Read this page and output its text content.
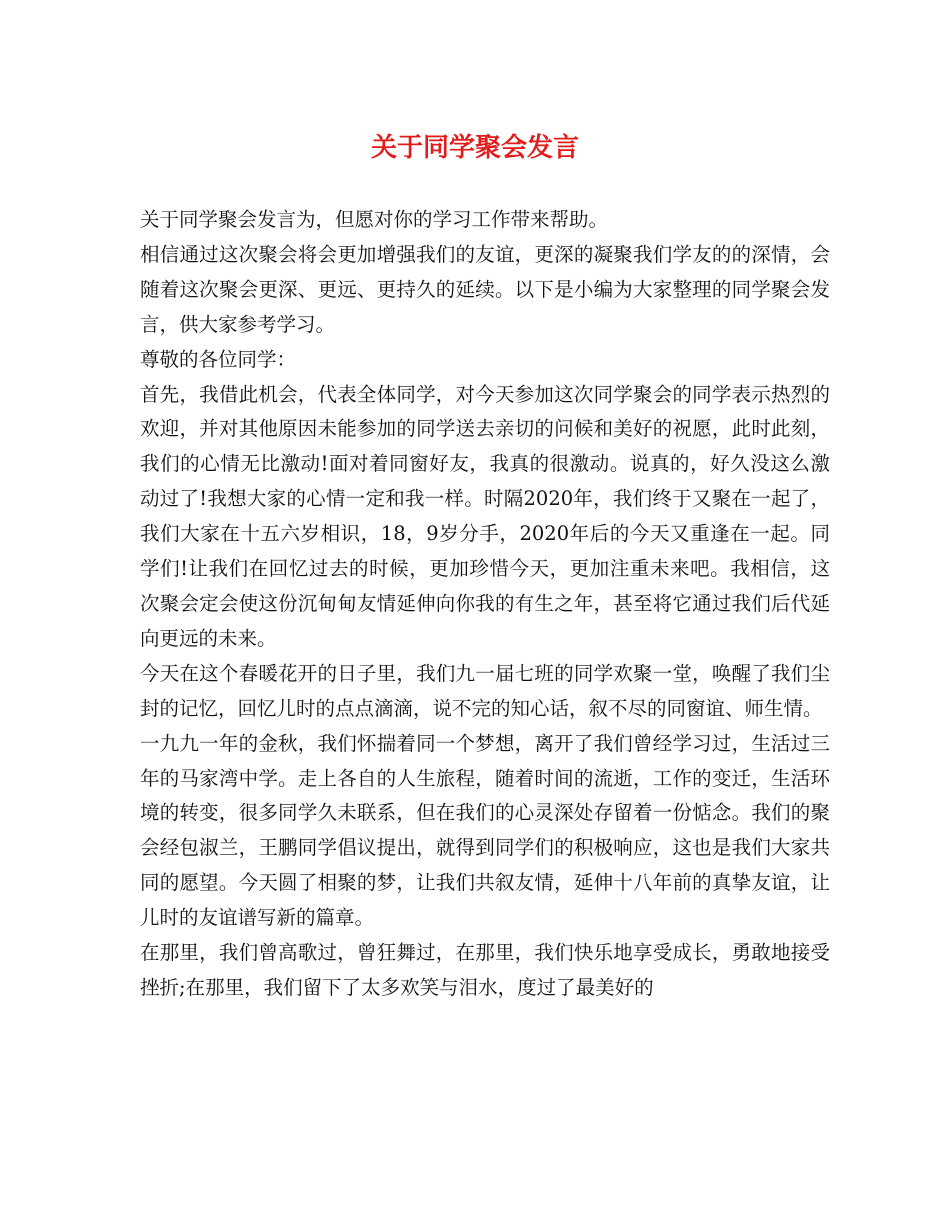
关于同学聚会发言

关于同学聚会发言为，但愿对你的学习工作带来帮助。

相信通过这次聚会将会更加增强我们的友谊，更深的凝聚我们学友的的深情，会随着这次聚会更深、更远、更持久的延续。以下是小编为大家整理的同学聚会发言，供大家参考学习。

尊敬的各位同学：

首先，我借此机会，代表全体同学，对今天参加这次同学聚会的同学表示热烈的欢迎，并对其他原因未能参加的同学送去亲切的问候和美好的祝愿，此时此刻，我们的心情无比激动!面对着同窗好友，我真的很激动。说真的，好久没这么激动过了!我想大家的心情一定和我一样。时隔2020年，我们终于又聚在一起了，我们大家在十五六岁相识，18，9岁分手，2020年后的今天又重逢在一起。同学们!让我们在回忆过去的时候，更加珍惜今天，更加注重未来吧。我相信，这次聚会定会使这份沉甸甸友情延伸向你我的有生之年，甚至将它通过我们后代延向更远的未来。

今天在这个春暖花开的日子里，我们九一届七班的同学欢聚一堂，唤醒了我们尘封的记忆，回忆儿时的点点滴滴，说不完的知心话，叙不尽的同窗谊、师生情。

一九九一年的金秋，我们怀揣着同一个梦想，离开了我们曾经学习过，生活过三年的马家湾中学。走上各自的人生旅程，随着时间的流逝，工作的变迁，生活环境的转变，很多同学久未联系，但在我们的心灵深处存留着一份惦念。我们的聚会经包淑兰，王鹏同学倡议提出，就得到同学们的积极响应，这也是我们大家共同的愿望。今天圆了相聚的梦，让我们共叙友情，延伸十八年前的真挚友谊，让儿时的友谊谱写新的篇章。

在那里，我们曾高歌过，曾狂舞过，在那里，我们快乐地享受成长，勇敢地接受挫折;在那里，我们留下了太多欢笑与泪水，度过了最美好的
